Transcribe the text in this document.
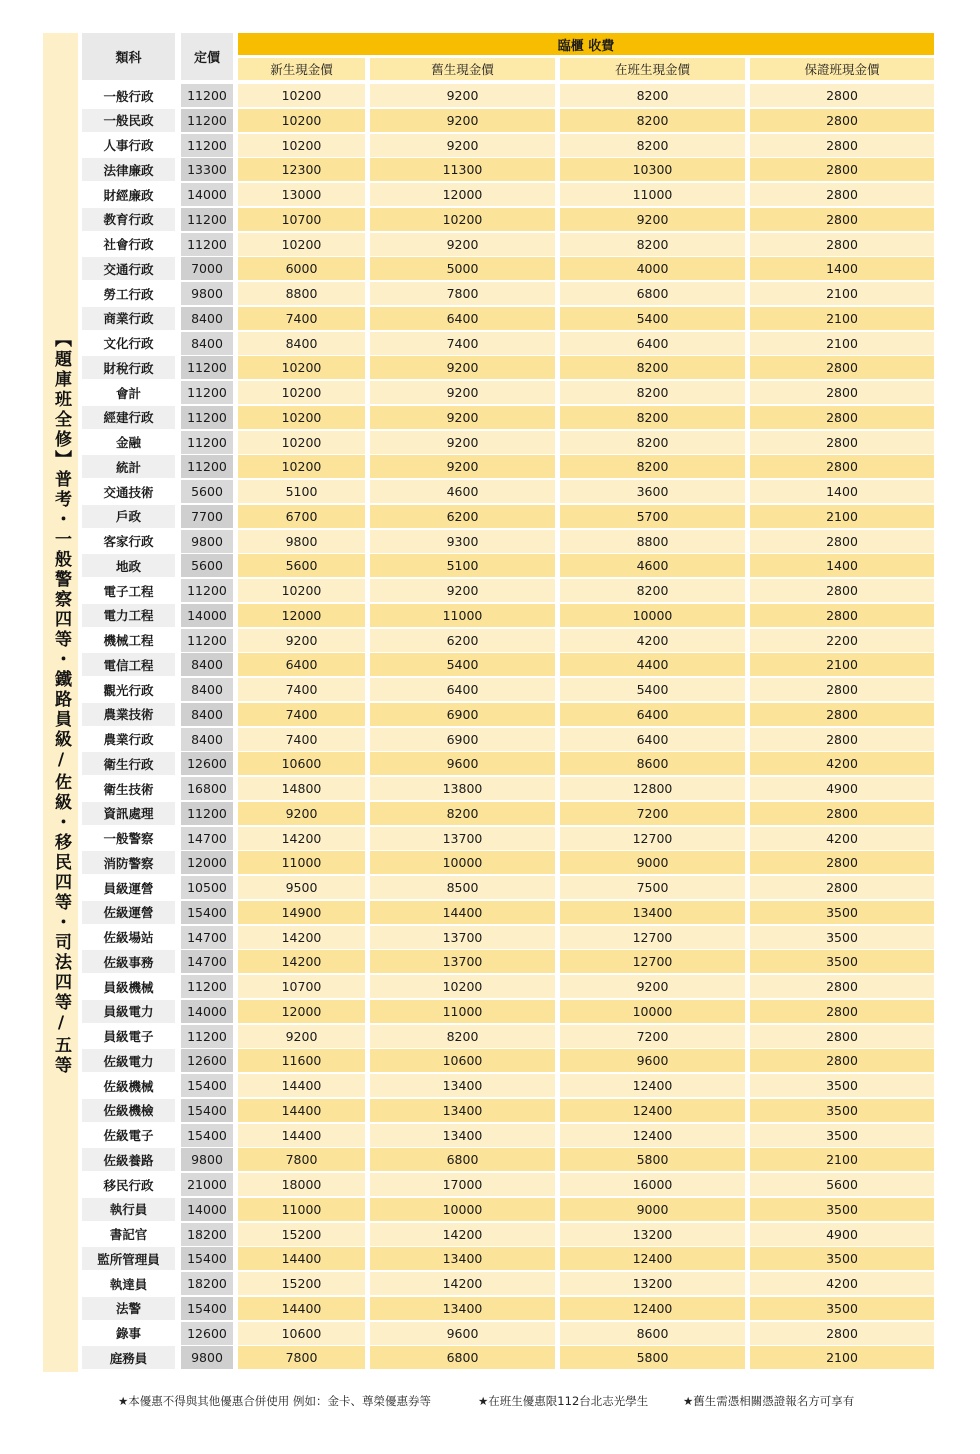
【題庫班全修】普考・一般警察四等・鐵路員級/佐級・移民四等・司法四等/五等
類科	定價
臨櫃 收費
新生現金價	舊生現金價	在班生現金價	保證班現金價
一般行政	11200	10200	9200	8200	2800
一般民政	11200	10200	9200	8200	2800
人事行政	11200	10200	9200	8200	2800
法律廉政	13300	12300	11300	10300	2800
財經廉政	14000	13000	12000	11000	2800
教育行政	11200	10700	10200	9200	2800
社會行政	11200	10200	9200	8200	2800
交通行政	7000	6000	5000	4000	1400
勞工行政	9800	8800	7800	6800	2100
商業行政	8400	7400	6400	5400	2100
文化行政	8400	8400	7400	6400	2100
財稅行政	11200	10200	9200	8200	2800
會計	11200	10200	9200	8200	2800
經建行政	11200	10200	9200	8200	2800
金融	11200	10200	9200	8200	2800
統計	11200	10200	9200	8200	2800
交通技術	5600	5100	4600	3600	1400
戶政	7700	6700	6200	5700	2100
客家行政	9800	9800	9300	8800	2800
地政	5600	5600	5100	4600	1400
電子工程	11200	10200	9200	8200	2800
電力工程	14000	12000	11000	10000	2800
機械工程	11200	9200	6200	4200	2200
電信工程	8400	6400	5400	4400	2100
觀光行政	8400	7400	6400	5400	2800
農業技術	8400	7400	6900	6400	2800
農業行政	8400	7400	6900	6400	2800
衛生行政	12600	10600	9600	8600	4200
衛生技術	16800	14800	13800	12800	4900
資訊處理	11200	9200	8200	7200	2800
一般警察	14700	14200	13700	12700	4200
消防警察	12000	11000	10000	9000	2800
員級運營	10500	9500	8500	7500	2800
佐級運營	15400	14900	14400	13400	3500
佐級場站	14700	14200	13700	12700	3500
佐級事務	14700	14200	13700	12700	3500
員級機械	11200	10700	10200	9200	2800
員級電力	14000	12000	11000	10000	2800
員級電子	11200	9200	8200	7200	2800
佐級電力	12600	11600	10600	9600	2800
佐級機械	15400	14400	13400	12400	3500
佐級機檢	15400	14400	13400	12400	3500
佐級電子	15400	14400	13400	12400	3500
佐級養路	9800	7800	6800	5800	2100
移民行政	21000	18000	17000	16000	5600
執行員	14000	11000	10000	9000	3500
書記官	18200	15200	14200	13200	4900
監所管理員	15400	14400	13400	12400	3500
執達員	18200	15200	14200	13200	4200
法警	15400	14400	13400	12400	3500
錄事	12600	10600	9600	8600	2800
庭務員	9800	7800	6800	5800	2100
★本優惠不得與其他優惠合併使用 例如：金卡、尊榮優惠券等	★在班生優惠限112台北志光學生	★舊生需憑相關憑證報名方可享有
